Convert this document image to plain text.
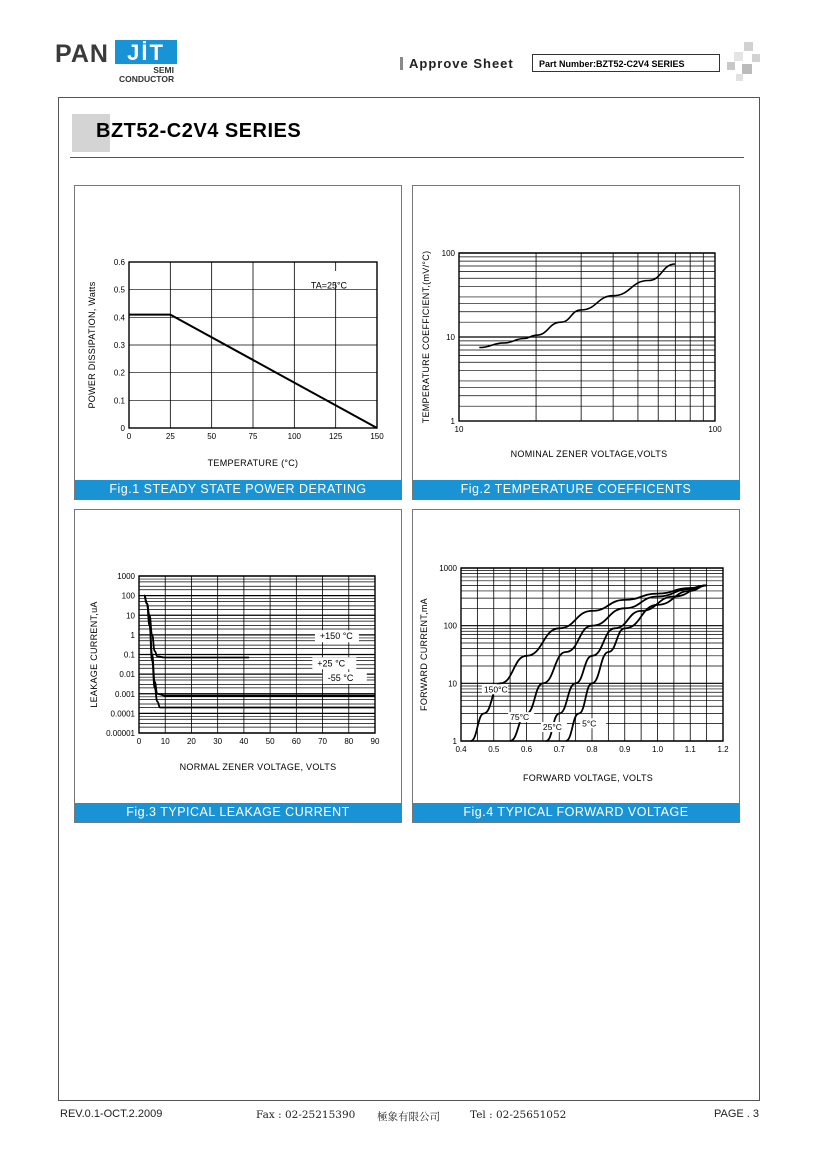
PAN JİT
SEMI
CONDUCTOR
Approve Sheet	Part Number:BZT52-C2V4 SERIES
BZT52-C2V4 SERIES
0	25	50	75	100	125	150
0.6
0.5
0.4
0.3
0.2
0.1
0
TEMPERATURE (°C)
POWER DISSIPATION, Watts	TA=25°C
Fig.1 STEADY STATE POWER DERATING
10	100
100
10
1
NOMINAL ZENER VOLTAGE,VOLTS
TEMPERATURE COEFFICIENT,(mV/°C)
Fig.2 TEMPERATURE COEFFICENTS
0 10 20 30 40 50 60 70 80 90
1000
100
10
1
0.1
0.01
0.001
0.0001
0.00001
NORMAL ZENER VOLTAGE, VOLTS
LEAKAGE CURRENT,uA	+150 °C
+25 °C
-55 °C
Fig.3 TYPICAL LEAKAGE CURRENT
0.4	0.5	0.6	0.7	0.8	0.9	1.0	1.1	1.2
1000
100
10
1
FORWARD VOLTAGE, VOLTS
FORWARD CURRENT,mA	150°C
75°C
25°C 5°C
Fig.4 TYPICAL FORWARD VOLTAGE
REV.0.1-OCT.2.2009	Fax : 02-25215390 極象有限公司	Tel : 02-25651052	PAGE . 3
